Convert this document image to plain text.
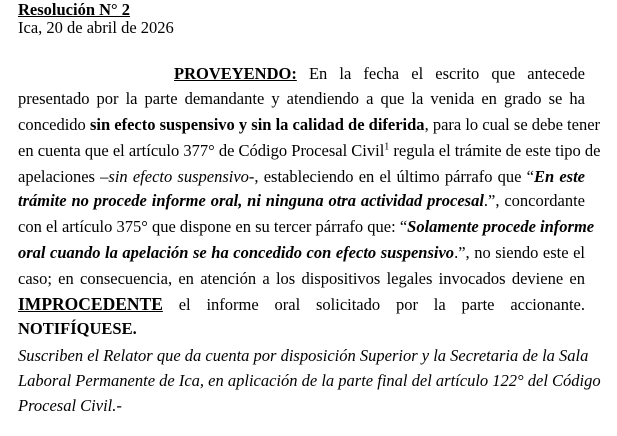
Resolución N° 2
Ica, 20 de abril de 2026
PROVEYENDO: En la fecha el escrito que antecede
presentado por la parte demandante y atendiendo a que la venida en grado se ha
concedido sin efecto suspensivo y sin la calidad de diferida, para lo cual se debe tener
en cuenta que el artículo 377° de Código Procesal Civil$^1$ regula el trámite de este tipo de
apelaciones –sin efecto suspensivo-, estableciendo en el último párrafo que “En este
trámite no procede informe oral, ni ninguna otra actividad procesal.”, concordante
con el artículo 375° que dispone en su tercer párrafo que: “Solamente procede informe
oral cuando la apelación se ha concedido con efecto suspensivo.”, no siendo este el
caso; en consecuencia, en atención a los dispositivos legales invocados deviene en
IMPROCEDENTE el informe oral solicitado por la parte accionante.
NOTIFÍQUESE.
Suscriben el Relator que da cuenta por disposición Superior y la Secretaria de la Sala
Laboral Permanente de Ica, en aplicación de la parte final del artículo 122° del Código
Procesal Civil.-
